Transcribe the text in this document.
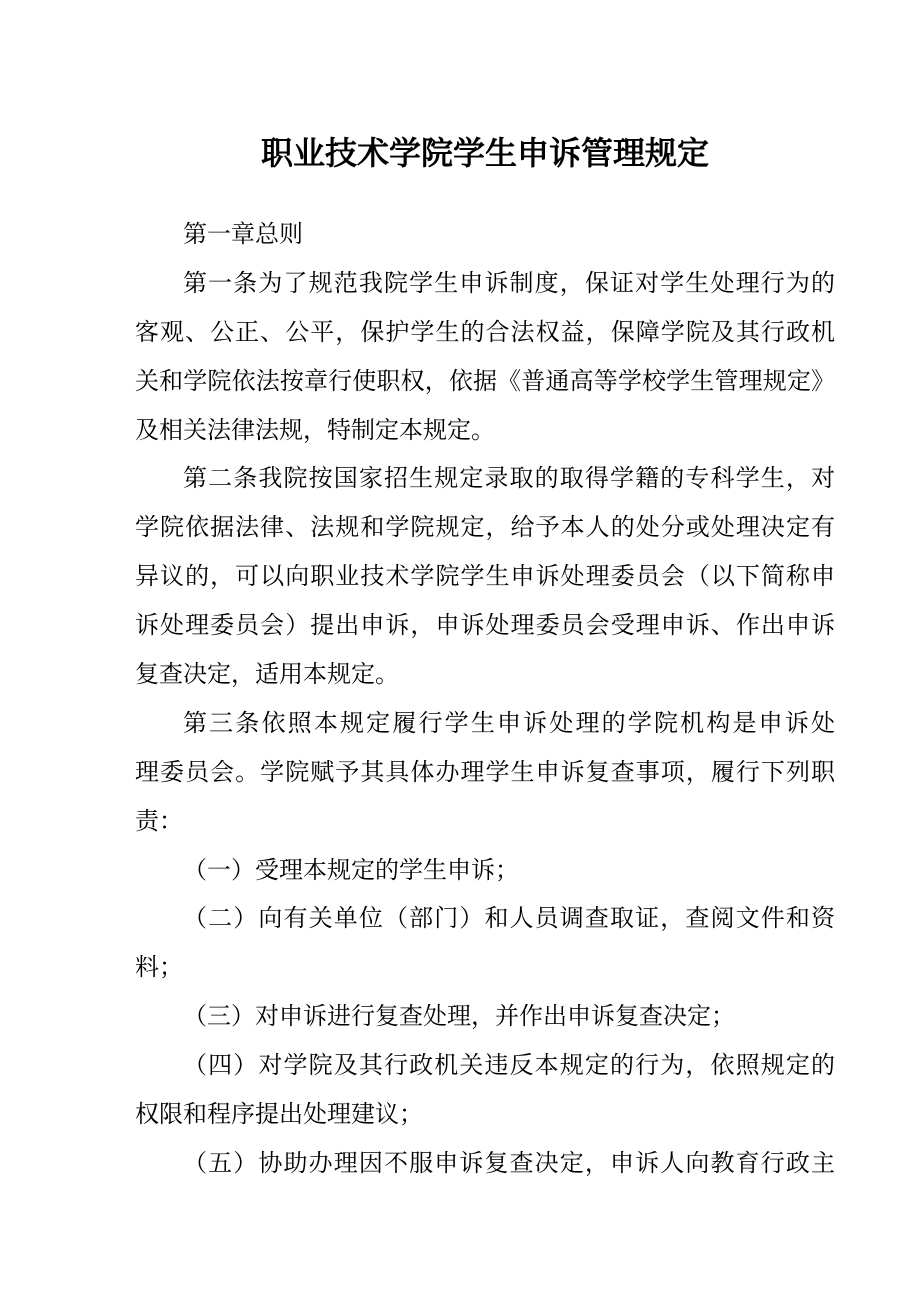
职业技术学院学生申诉管理规定
第一章总则
第一条为了规范我院学生申诉制度，保证对学生处理行为的
客观、公正、公平，保护学生的合法权益，保障学院及其行政机
关和学院依法按章行使职权，依据《普通高等学校学生管理规定》
及相关法律法规，特制定本规定。
第二条我院按国家招生规定录取的取得学籍的专科学生，对
学院依据法律、法规和学院规定，给予本人的处分或处理决定有
异议的，可以向职业技术学院学生申诉处理委员会（以下简称申
诉处理委员会）提出申诉，申诉处理委员会受理申诉、作出申诉
复查决定，适用本规定。
第三条依照本规定履行学生申诉处理的学院机构是申诉处
理委员会。学院赋予其具体办理学生申诉复查事项，履行下列职
责：
（一）受理本规定的学生申诉；
（二）向有关单位（部门）和人员调查取证，查阅文件和资
料；
（三）对申诉进行复查处理，并作出申诉复查决定；
（四）对学院及其行政机关违反本规定的行为，依照规定的
权限和程序提出处理建议；
（五）协助办理因不服申诉复查决定，申诉人向教育行政主
